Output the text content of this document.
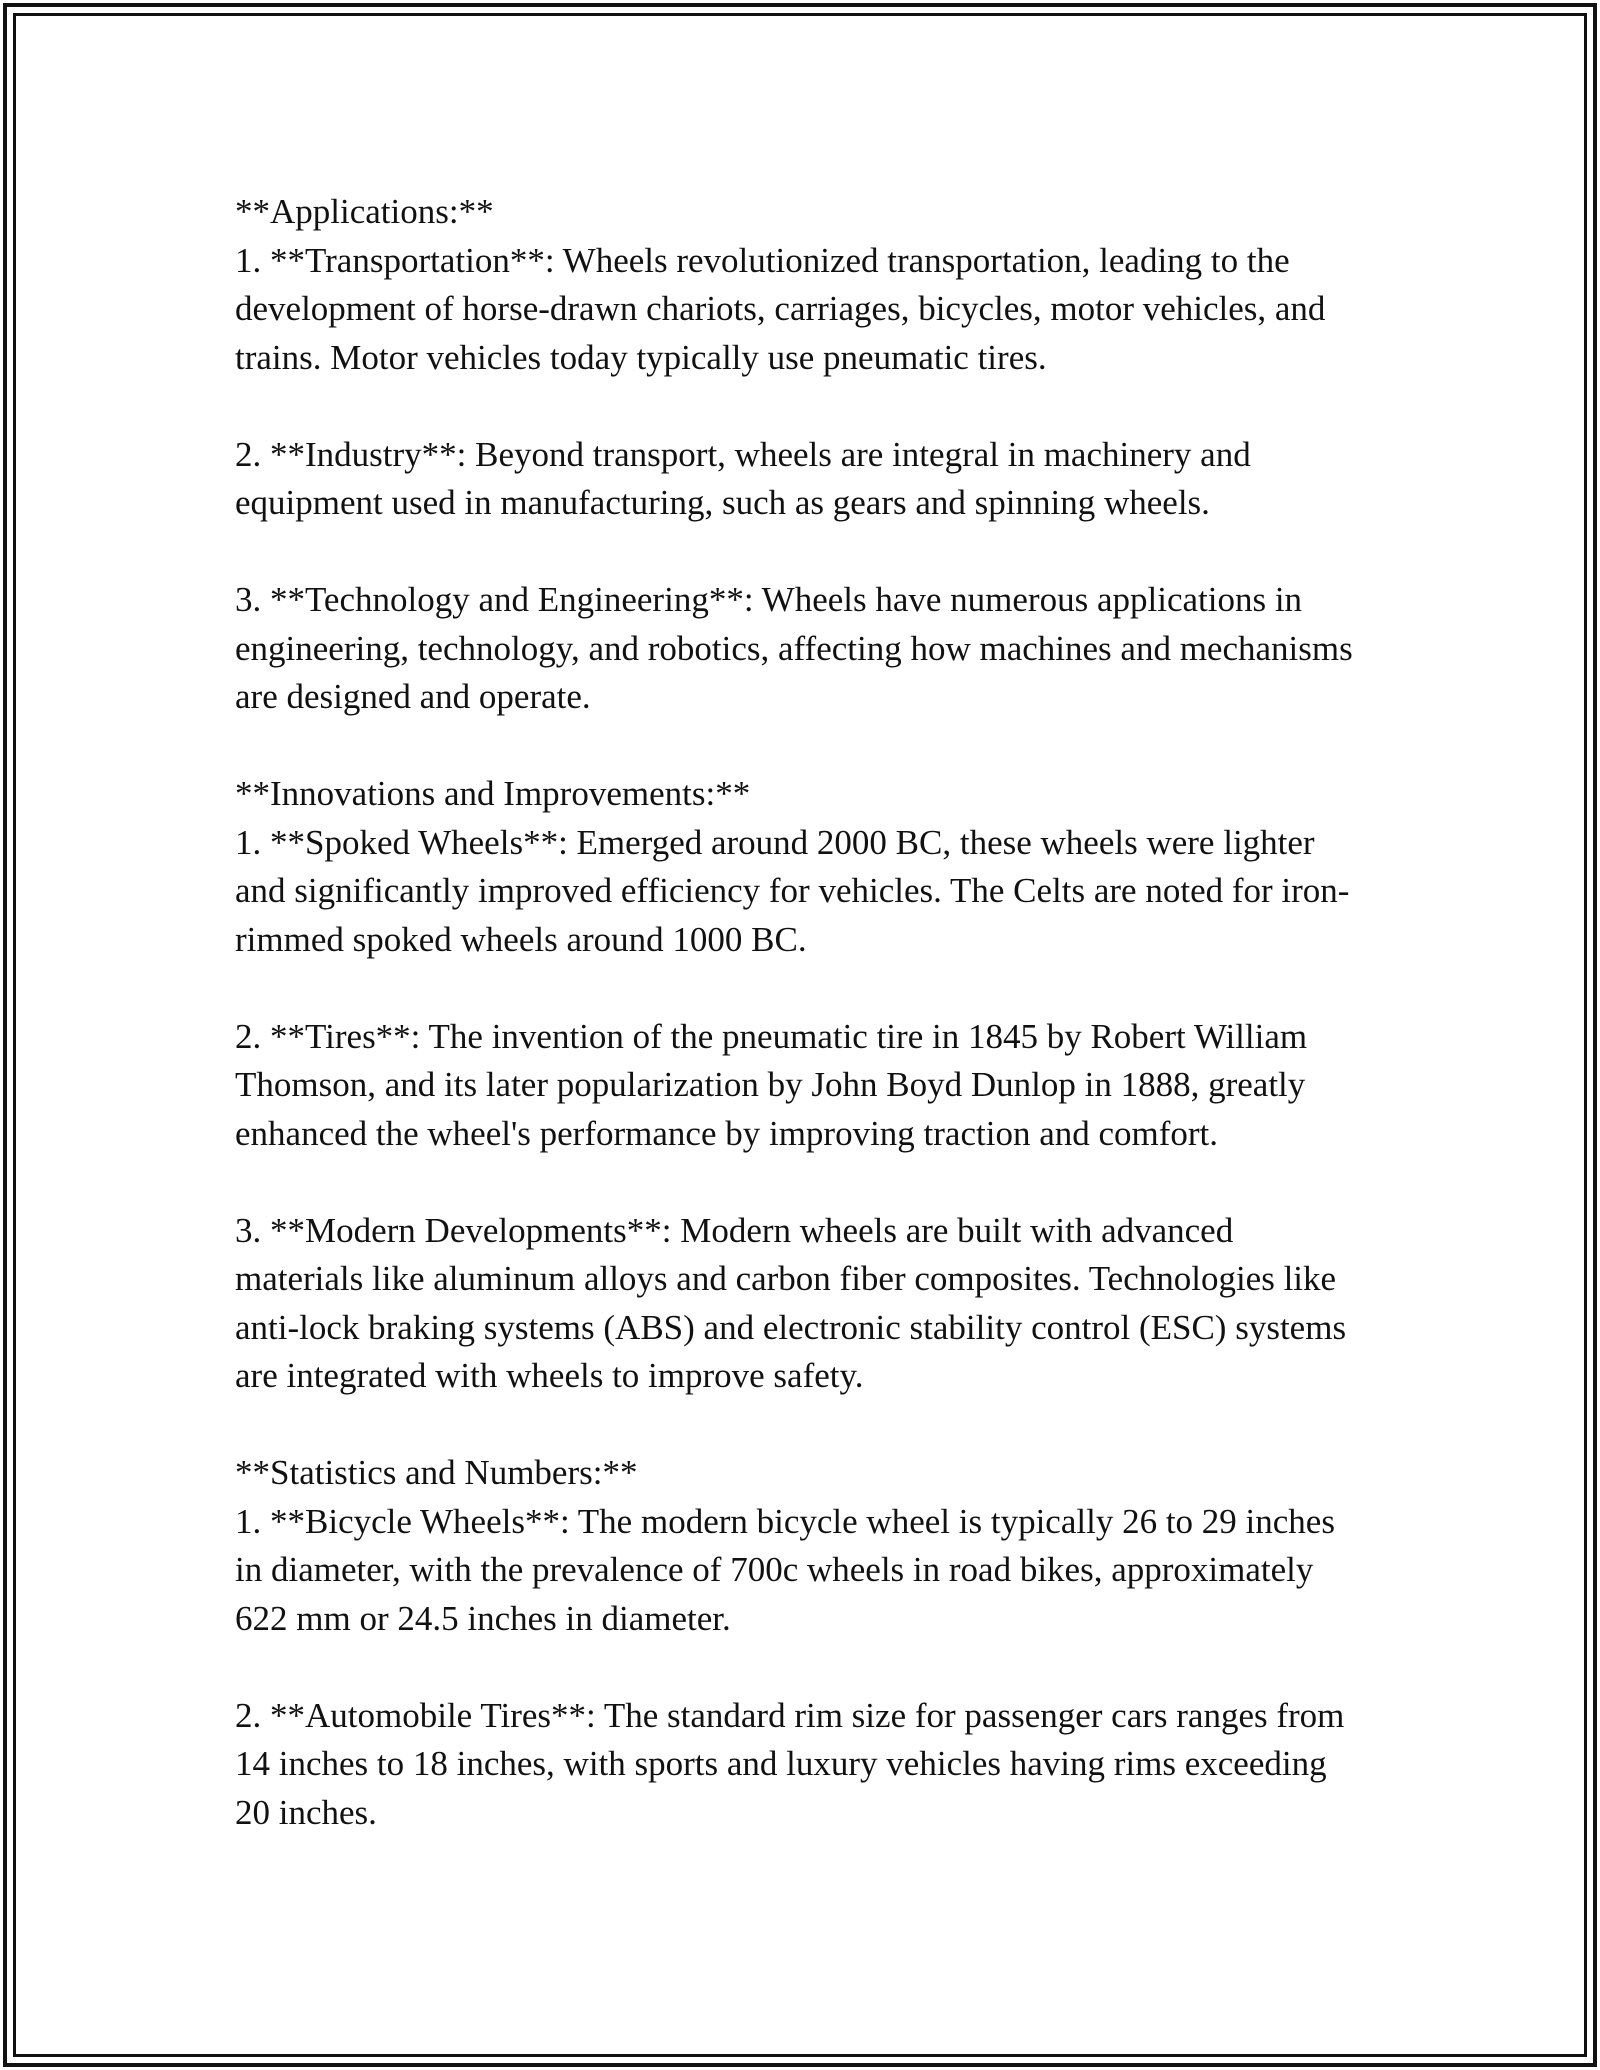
**Applications:**
1. **Transportation**: Wheels revolutionized transportation, leading to the development of horse-drawn chariots, carriages, bicycles, motor vehicles, and trains. Motor vehicles today typically use pneumatic tires.

2. **Industry**: Beyond transport, wheels are integral in machinery and equipment used in manufacturing, such as gears and spinning wheels.

3. **Technology and Engineering**: Wheels have numerous applications in engineering, technology, and robotics, affecting how machines and mechanisms are designed and operate.

**Innovations and Improvements:**
1. **Spoked Wheels**: Emerged around 2000 BC, these wheels were lighter and significantly improved efficiency for vehicles. The Celts are noted for iron-rimmed spoked wheels around 1000 BC.

2. **Tires**: The invention of the pneumatic tire in 1845 by Robert William Thomson, and its later popularization by John Boyd Dunlop in 1888, greatly enhanced the wheel's performance by improving traction and comfort.

3. **Modern Developments**: Modern wheels are built with advanced materials like aluminum alloys and carbon fiber composites. Technologies like anti-lock braking systems (ABS) and electronic stability control (ESC) systems are integrated with wheels to improve safety.

**Statistics and Numbers:**
1. **Bicycle Wheels**: The modern bicycle wheel is typically 26 to 29 inches in diameter, with the prevalence of 700c wheels in road bikes, approximately 622 mm or 24.5 inches in diameter.

2. **Automobile Tires**: The standard rim size for passenger cars ranges from 14 inches to 18 inches, with sports and luxury vehicles having rims exceeding 20 inches.
